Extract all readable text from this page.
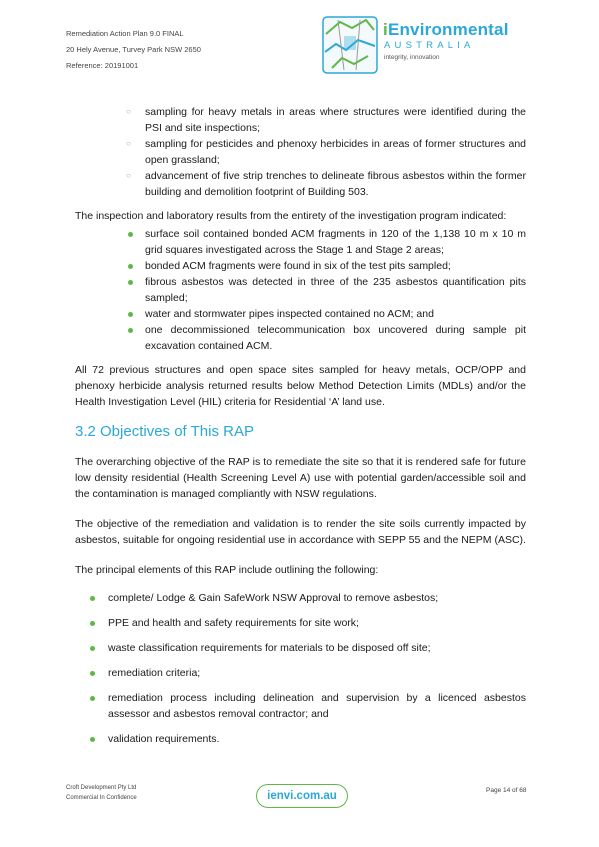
Remediation Action Plan 9.0 FINAL
20 Hely Avenue, Turvey Park NSW 2650
Reference: 20191001
iEnvironmental
AUSTRALIA
integrity, innovation
○ sampling for heavy metals in areas where structures were identified during the PSI and site inspections;
○ sampling for pesticides and phenoxy herbicides in areas of former structures and open grassland;
○ advancement of five strip trenches to delineate fibrous asbestos within the former building and demolition footprint of Building 503.

The inspection and laboratory results from the entirety of the investigation program indicated:

surface soil contained bonded ACM fragments in 120 of the 1,138 10 m x 10 m grid squares investigated across the Stage 1 and Stage 2 areas;
bonded ACM fragments were found in six of the test pits sampled;
fibrous asbestos was detected in three of the 235 asbestos quantification pits sampled;
water and stormwater pipes inspected contained no ACM; and
one decommissioned telecommunication box uncovered during sample pit excavation contained ACM.

All 72 previous structures and open space sites sampled for heavy metals, OCP/OPP and phenoxy herbicide analysis returned results below Method Detection Limits (MDLs) and/or the Health Investigation Level (HIL) criteria for Residential ‘A’ land use.

3.2 Objectives of This RAP

The overarching objective of the RAP is to remediate the site so that it is rendered safe for future low density residential (Health Screening Level A) use with potential garden/accessible soil and the contamination is managed compliantly with NSW regulations.

The objective of the remediation and validation is to render the site soils currently impacted by asbestos, suitable for ongoing residential use in accordance with SEPP 55 and the NEPM (ASC).

The principal elements of this RAP include outlining the following:

complete/ Lodge & Gain SafeWork NSW Approval to remove asbestos;
PPE and health and safety requirements for site work;
waste classification requirements for materials to be disposed off site;
remediation criteria;
remediation process including delineation and supervision by a licenced asbestos assessor and asbestos removal contractor; and
validation requirements.
Croft Development Pty Ltd
Commercial In Confidence	ienvi.com.au	Page 14 of 68
